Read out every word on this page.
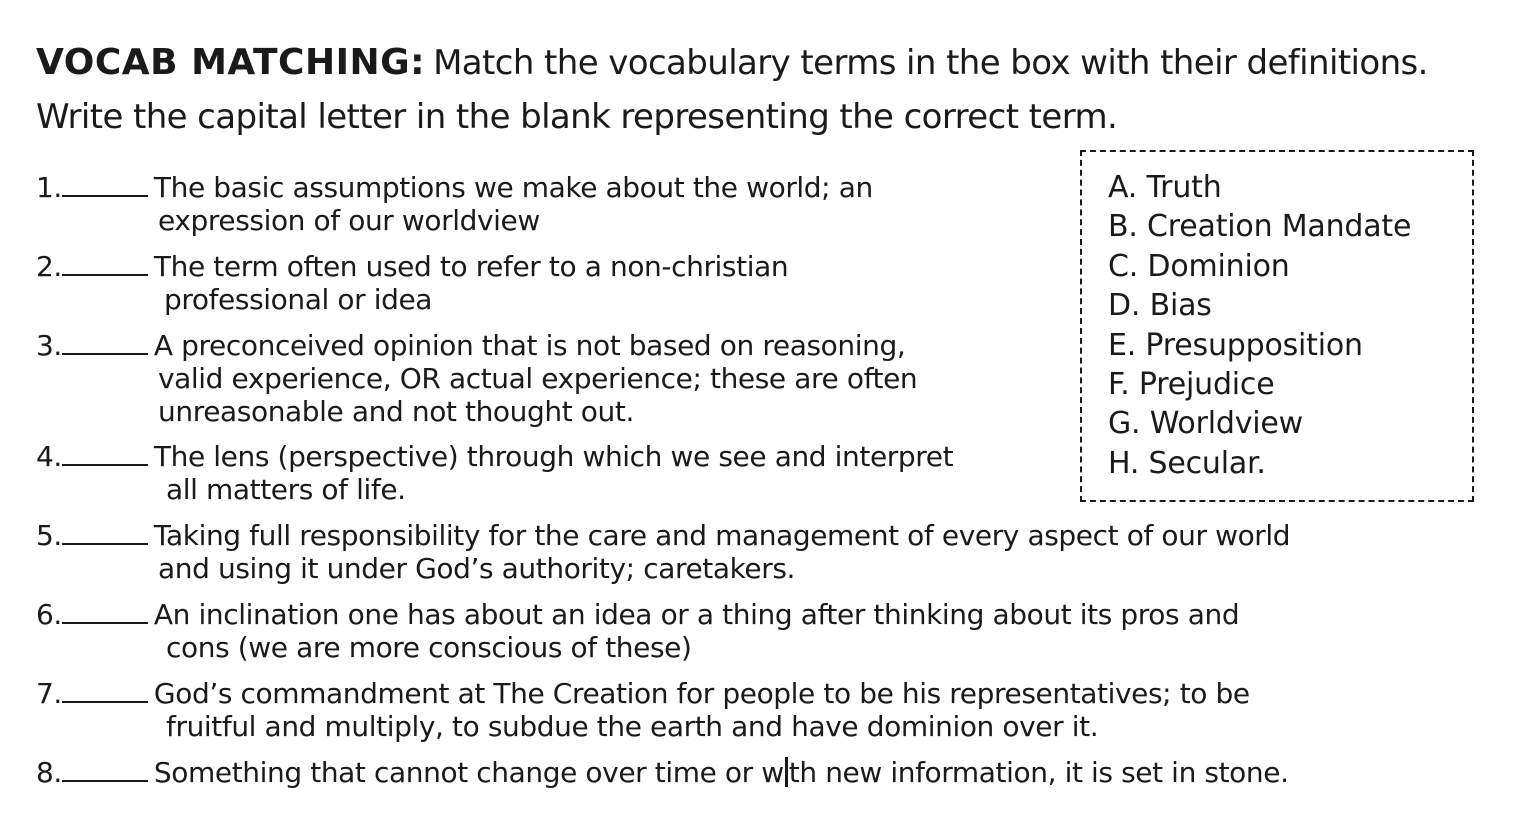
VOCAB MATCHING: Match the vocabulary terms in the box with their definitions.
Write the capital letter in the blank representing the correct term.
1.	The basic assumptions we make about the world; an
expression of our worldview
2.	The term often used to refer to a non-christian
professional or idea
3.	A preconceived opinion that is not based on reasoning,
valid experience, OR actual experience; these are often
unreasonable and not thought out.
4.	The lens (perspective) through which we see and interpret
all matters of life.
5.	Taking full responsibility for the care and management of every aspect of our world
and using it under God’s authority; caretakers.
6.	An inclination one has about an idea or a thing after thinking about its pros and
cons (we are more conscious of these)
7.	God’s commandment at The Creation for people to be his representatives; to be
fruitful and multiply, to subdue the earth and have dominion over it.
8.	Something that cannot change over time or w th new information, it is set in stone.
A. Truth
B. Creation Mandate
C. Dominion
D. Bias
E. Presupposition
F. Prejudice
G. Worldview
H. Secular.
